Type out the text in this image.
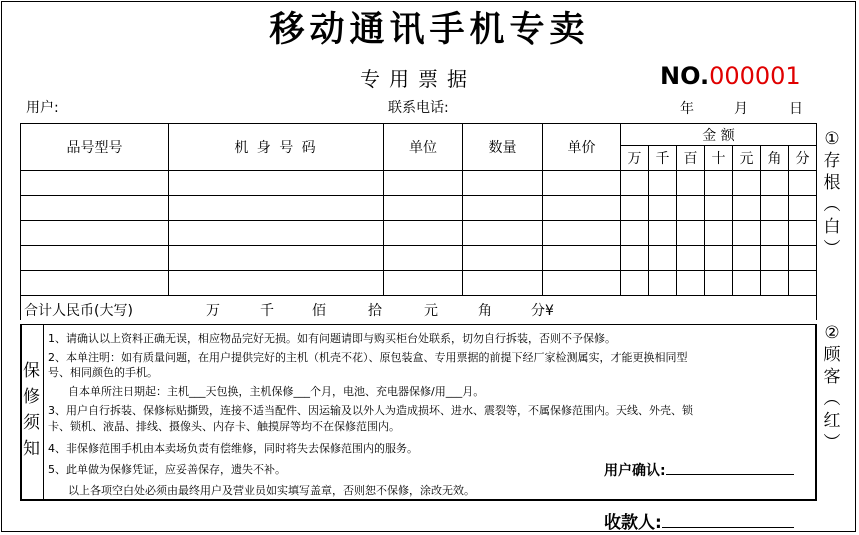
移动通讯手机专卖
专用票据	NO.000001
用户:	联系电话:	年	月	日
品号型号	机 身 号 码	单位	数量	单价	金 额						
					万	千	百	十	元	角	分

合计人民币(大写)	万	千	佰	拾	元	角	分¥
保
修
须
知
1、请确认以上资料正确无误，相应物品完好无损。如有问题请即与购买柜台处联系，切勿自行拆装，否则不予保修。
2、本单注明：如有质量问题，在用户提供完好的主机（机壳不花）、原包装盒、专用票据的前提下经厂家检测属实，才能更换相同型
号、相同颜色的手机。
自本单所注日期起：主机___天包换，主机保修___个月，电池、充电器保修/用___月。
3、用户自行拆装、保修标贴撕毁，连接不适当配件、因运输及以外人为造成损坏、进水、震裂等，不属保修范围内。天线、外壳、锁
卡、锁机、液晶、排线、摄像头、内存卡、触摸屏等均不在保修范围内。
4、非保修范围手机由本卖场负责有偿维修，同时将失去保修范围内的服务。
5、此单做为保修凭证，应妥善保存，遗失不补。
以上各项空白处必须由最终用户及营业员如实填写盖章，否则恕不保修，涂改无效。
用户确认:
收款人:
①
存
根
︵
白
︶
②
顾
客
︵
红
︶
